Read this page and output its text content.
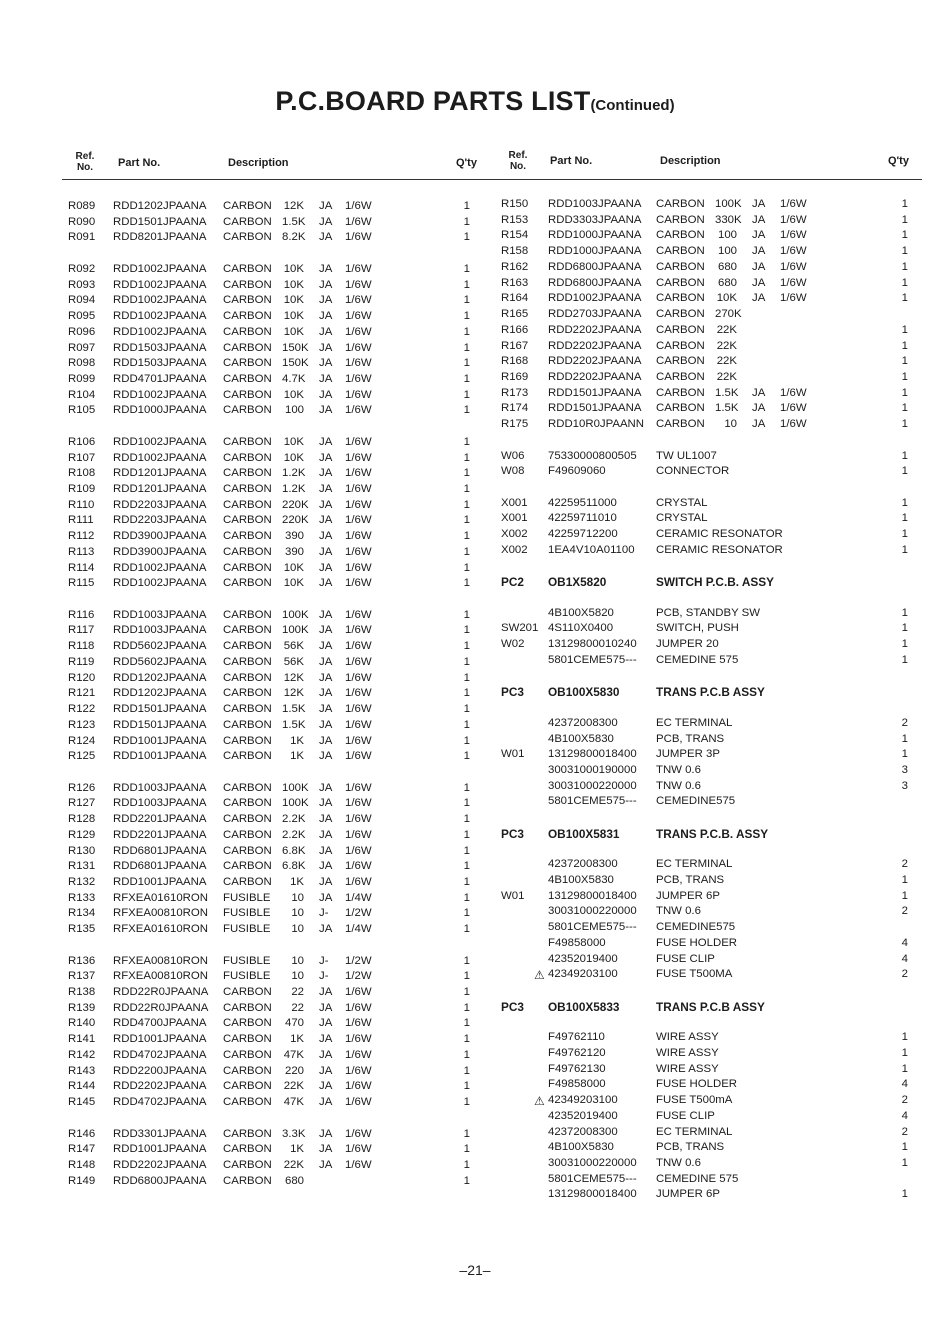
P.C.BOARD PARTS LIST(Continued)
Ref.
No.	Part No.	Description	Q'ty
Ref.
No.	Part No.	Description	Q'ty
R089 RDD1202JPAANA CARBON 12K JA 1/6W	1
R090 RDD1501JPAANA CARBON 1.5K JA 1/6W	1
R091 RDD8201JPAANA CARBON 8.2K JA 1/6W	1
R092 RDD1002JPAANA CARBON 10K JA 1/6W	1
R093 RDD1002JPAANA CARBON 10K JA 1/6W	1
R094 RDD1002JPAANA CARBON 10K JA 1/6W	1
R095 RDD1002JPAANA CARBON 10K JA 1/6W	1
R096 RDD1002JPAANA CARBON 10K JA 1/6W	1
R097 RDD1503JPAANA CARBON 150K JA 1/6W	1
R098 RDD1503JPAANA CARBON 150K JA 1/6W	1
R099 RDD4701JPAANA CARBON 4.7K JA 1/6W	1
R104 RDD1002JPAANA CARBON 10K JA 1/6W	1
R105 RDD1000JPAANA CARBON 100 JA 1/6W	1
R106 RDD1002JPAANA CARBON 10K JA 1/6W	1
R107 RDD1002JPAANA CARBON 10K JA 1/6W	1
R108 RDD1201JPAANA CARBON 1.2K JA 1/6W	1
R109 RDD1201JPAANA CARBON 1.2K JA 1/6W	1
R110 RDD2203JPAANA CARBON 220K JA 1/6W	1
R111 RDD2203JPAANA CARBON 220K JA 1/6W	1
R112 RDD3900JPAANA CARBON 390 JA 1/6W	1
R113 RDD3900JPAANA CARBON 390 JA 1/6W	1
R114 RDD1002JPAANA CARBON 10K JA 1/6W	1
R115 RDD1002JPAANA CARBON 10K JA 1/6W	1
R116 RDD1003JPAANA CARBON 100K JA 1/6W	1
R117 RDD1003JPAANA CARBON 100K JA 1/6W	1
R118 RDD5602JPAANA CARBON 56K JA 1/6W	1
R119 RDD5602JPAANA CARBON 56K JA 1/6W	1
R120 RDD1202JPAANA CARBON 12K JA 1/6W	1
R121 RDD1202JPAANA CARBON 12K JA 1/6W	1
R122 RDD1501JPAANA CARBON 1.5K JA 1/6W	1
R123 RDD1501JPAANA CARBON 1.5K JA 1/6W	1
R124 RDD1001JPAANA CARBON	1K JA 1/6W	1
R125 RDD1001JPAANA CARBON	1K JA 1/6W	1
R126 RDD1003JPAANA CARBON 100K JA 1/6W	1
R127 RDD1003JPAANA CARBON 100K JA 1/6W	1
R128 RDD2201JPAANA CARBON 2.2K JA 1/6W	1
R129 RDD2201JPAANA CARBON 2.2K JA 1/6W	1
R130 RDD6801JPAANA CARBON 6.8K JA 1/6W	1
R131 RDD6801JPAANA CARBON 6.8K JA 1/6W	1
R132 RDD1001JPAANA CARBON	1K JA 1/6W	1
R133 RFXEA01610RON FUSIBLE	10 JA 1/4W	1
R134 RFXEA00810RON FUSIBLE	10 J- 1/2W	1
R135 RFXEA01610RON FUSIBLE	10 JA 1/4W	1
R136 RFXEA00810RON FUSIBLE	10 J- 1/2W	1
R137 RFXEA00810RON FUSIBLE	10 J- 1/2W	1
R138 RDD22R0JPAANA CARBON	22 JA 1/6W	1
R139 RDD22R0JPAANA CARBON	22 JA 1/6W	1
R140 RDD4700JPAANA CARBON 470 JA 1/6W	1
R141 RDD1001JPAANA CARBON	1K JA 1/6W	1
R142 RDD4702JPAANA CARBON 47K JA 1/6W	1
R143 RDD2200JPAANA CARBON 220 JA 1/6W	1
R144 RDD2202JPAANA CARBON 22K JA 1/6W	1
R145 RDD4702JPAANA CARBON 47K JA 1/6W	1
R146 RDD3301JPAANA CARBON 3.3K JA 1/6W	1
R147 RDD1001JPAANA CARBON	1K JA 1/6W	1
R148 RDD2202JPAANA CARBON 22K JA 1/6W	1
R149 RDD6800JPAANA CARBON 680	1
R150 RDD1003JPAANA CARBON 100K JA 1/6W	1
R153 RDD3303JPAANA CARBON 330K JA 1/6W	1
R154 RDD1000JPAANA CARBON 100 JA 1/6W	1
R158 RDD1000JPAANA CARBON 100 JA 1/6W	1
R162 RDD6800JPAANA CARBON 680 JA 1/6W	1
R163 RDD6800JPAANA CARBON 680 JA 1/6W	1
R164 RDD1002JPAANA CARBON 10K JA 1/6W	1
R165 RDD2703JPAANA CARBON 270K
R166 RDD2202JPAANA CARBON 22K	1
R167 RDD2202JPAANA CARBON 22K	1
R168 RDD2202JPAANA CARBON 22K	1
R169 RDD2202JPAANA CARBON 22K	1
R173 RDD1501JPAANA CARBON 1.5K JA 1/6W	1
R174 RDD1501JPAANA CARBON 1.5K JA 1/6W	1
R175 RDD10R0JPAANN CARBON	10 JA 1/6W	1
W06 75330000800505 TW UL1007	1
W08 F49609060	CONNECTOR	1
X001 42259511000	CRYSTAL	1
X001 42259711010	CRYSTAL	1
X002 42259712200	CERAMIC RESONATOR	1
X002 1EA4V10A01100 CERAMIC RESONATOR	1
PC2 OB1X5820	SWITCH P.C.B. ASSY
4B100X5820	PCB, STANDBY SW	1
SW201 4S110X0400	SWITCH, PUSH	1
W02 13129800010240 JUMPER 20	1
5801CEME575--- CEMEDINE 575	1
PC3 OB100X5830	TRANS P.C.B ASSY
42372008300	EC TERMINAL	2
4B100X5830	PCB, TRANS	1
W01 13129800018400 JUMPER 3P	1
30031000190000 TNW 0.6	3
30031000220000 TNW 0.6	3
5801CEME575--- CEMEDINE575
PC3 OB100X5831	TRANS P.C.B. ASSY
42372008300	EC TERMINAL	2
4B100X5830	PCB, TRANS	1
W01 13129800018400 JUMPER 6P	1
30031000220000 TNW 0.6	2
5801CEME575--- CEMEDINE575
F49858000	FUSE HOLDER	4
42352019400	FUSE CLIP	4
42349203100	FUSE T500MA	2
⚠
PC3 OB100X5833	TRANS P.C.B ASSY
F49762110	WIRE ASSY	1
F49762120	WIRE ASSY	1
F49762130	WIRE ASSY	1
F49858000	FUSE HOLDER	4
42349203100	FUSE T500mA	2
⚠
42352019400	FUSE CLIP	4
42372008300	EC TERMINAL	2
4B100X5830	PCB, TRANS	1
30031000220000 TNW 0.6	1
5801CEME575--- CEMEDINE 575
13129800018400 JUMPER 6P	1
–21–
